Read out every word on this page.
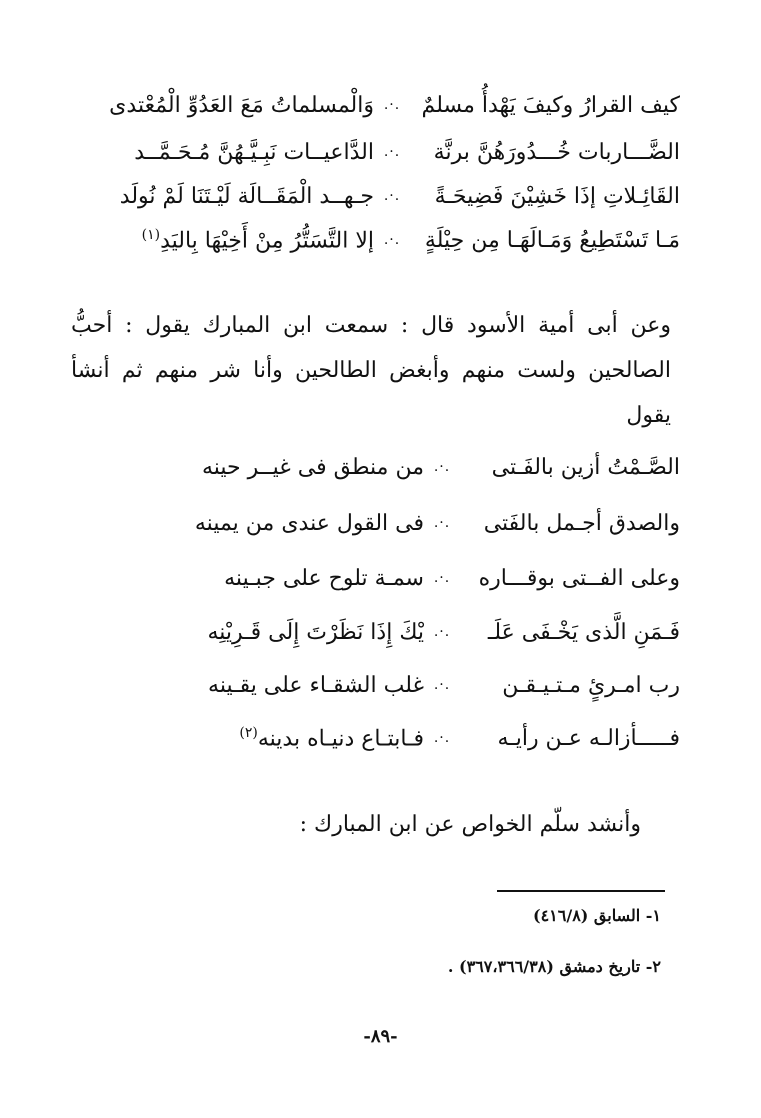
كيف القرارُ وكيفَ يَهْدأُ مسلمٌ
.·.
وَالْمسلماتُ مَعَ العَدُوِّ الْمُعْتدى
الضَّـــاربات خُـــدُورَهُنَّ برنَّة
.·.
الدَّاعيــات نَبِـيَّـهُنَّ مُـحَـمَّــد
القَائِـلاتِ إذَا خَشِيْنَ فَضِيحَـةً
.·.
جـهــد الْمَقَــالَة لَيْـتَنَا لَمْ نُولَد
مَـا تَسْتَطِيعُ وَمَـالَهَـا مِن حِيْلَةٍ
.·.
إلا التَّسَتُّرُ مِنْ أَخِيْهَا بِاليَدِ$^{(١)}$
وعن أبى أمية الأسود قال : سمعت ابن المبارك يقول : أحبُّ
الصالحين ولست منهم وأبغض الطالحين وأنا شر منهم ثم أنشأ
يقول
الصَّـمْتُ أزين بالفَـتى
.·.
من منطق فى غيــر حينه
والصدق أجـمل بالفَتى
.·.
فى القول عندى من يمينه
وعلى الفــتى بوقـــاره
.·.
سمـة تلوح على جبـينه
فَـمَنِ الَّذى يَخْـفَى عَلَـ
.·.
يْكَ إِذَا نَظَرْتَ إِلَى قَـرِيْنِه
رب امـرئٍ مـتـيـقـن
.·.
غلب الشقـاء على يقـينه
فـــــأزالـه عـن رأيـه
.·.
فـابتـاع دنيـاه بدينه$^{(٢)}$
وأنشد سلّم الخواص عن ابن المبارك :
١- السابق (٤١٦/٨)
٢- تاريخ دمشق (٣٦٧،٣٦٦/٣٨) .
-٨٩-
